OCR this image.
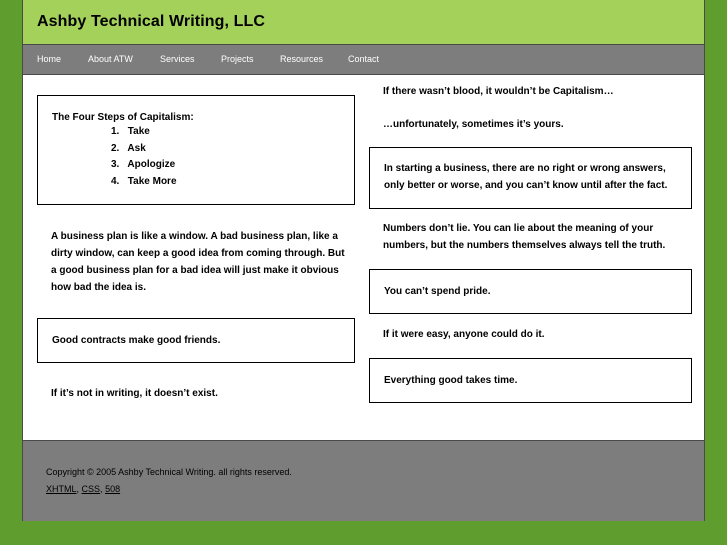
Ashby Technical Writing, LLC
Home	About ATW	Services	Projects	Resources	Contact
The Four Steps of Capitalism:
1. Take
2. Ask
3. Apologize
4. Take More
A business plan is like a window. A bad business plan, like a dirty window, can keep a good idea from coming through. But a good business plan for a bad idea will just make it obvious how bad the idea is.
Good contracts make good friends.
If it’s not in writing, it doesn’t exist.
If there wasn’t blood, it wouldn’t be Capitalism…
…unfortunately, sometimes it’s yours.
In starting a business, there are no right or wrong answers, only better or worse, and you can’t know until after the fact.
Numbers don’t lie. You can lie about the meaning of your numbers, but the numbers themselves always tell the truth.
You can’t spend pride.
If it were easy, anyone could do it.
Everything good takes time.
Copyright © 2005 Ashby Technical Writing. all rights reserved.
XHTML, CSS, 508
